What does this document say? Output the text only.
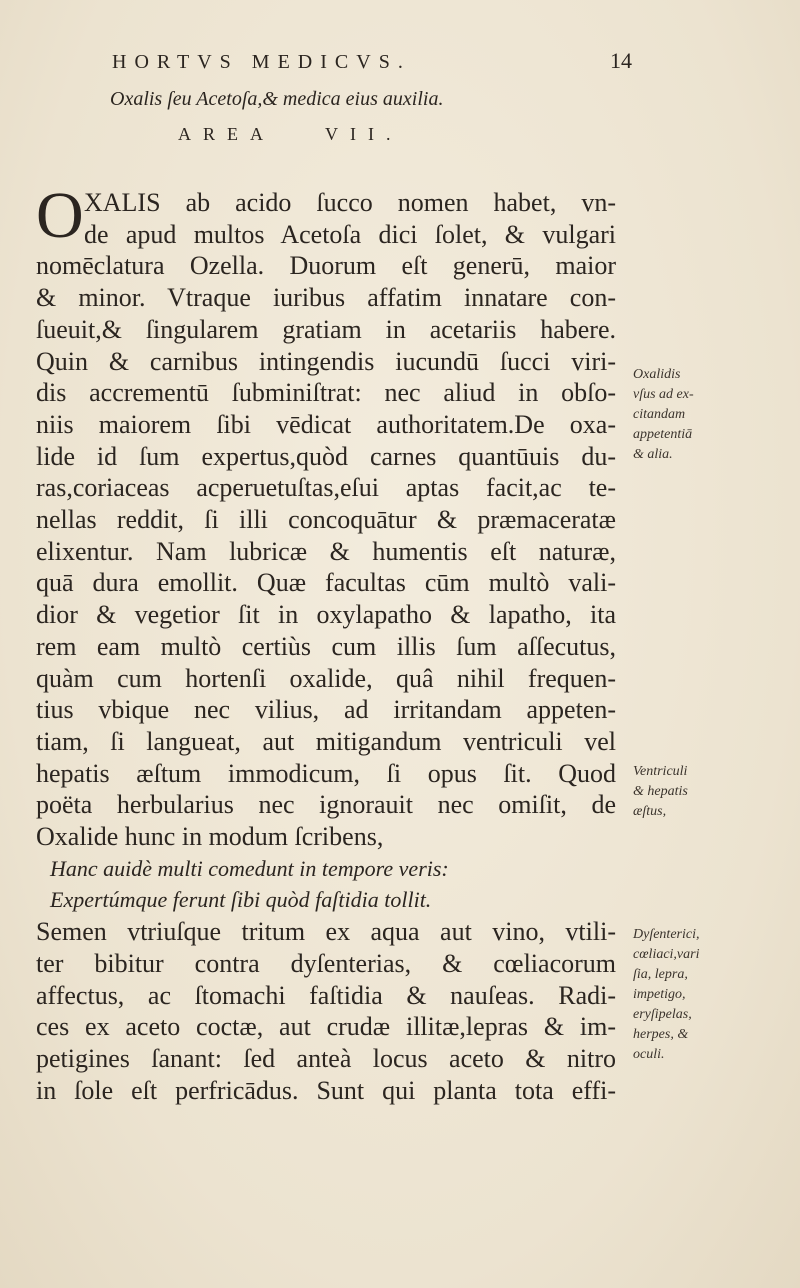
HORTVS MEDICVS.	14
Oxalis ſeu Acetoſa,& medica eius auxilia.
AREA	VII.
O XALIS ab acido ſucco nomen habet, vn-
de apud multos Acetoſa dici ſolet, & vulgari
nomēclatura Ozella. Duorum eſt generū, maior
& minor. Vtraque iuribus affatim innatare con-
ſueuit,& ſingularem gratiam in acetariis habere.
Quin & carnibus intingendis iucundū ſucci viri-
dis accrementū ſubminiſtrat: nec aliud in obſo-
niis maiorem ſibi vēdicat authoritatem.De oxa-
lide id ſum expertus,quòd carnes quantūuis du-
ras,coriaceas acperuetuſtas,eſui aptas facit,ac te-
nellas reddit, ſi illi concoquātur & præmaceratæ
elixentur. Nam lubricæ & humentis eſt naturæ,
quā dura emollit. Quæ facultas cūm multò vali-
dior & vegetior ſit in oxylapatho & lapatho, ita
rem eam multò certiùs cum illis ſum aſſecutus,
quàm cum hortenſi oxalide, quâ nihil frequen-
tius vbique nec vilius, ad irritandam appeten-
tiam, ſi langueat, aut mitigandum ventriculi vel
hepatis æſtum immodicum, ſi opus ſit. Quod
poëta herbularius nec ignorauit nec omiſit, de
Oxalide hunc in modum ſcribens,
Hanc auidè multi comedunt in tempore veris:
Expertúmque ferunt ſibi quòd faſtidia tollit.
Semen vtriuſque tritum ex aqua aut vino, vtili-
ter bibitur contra dyſenterias, & cœliacorum
affectus, ac ſtomachi faſtidia & nauſeas. Radi-
ces ex aceto coctæ, aut crudæ illitæ,lepras & im-
petigines ſanant: ſed anteà locus aceto & nitro
in ſole eſt perfricādus. Sunt qui planta tota effi-
Oxalidis
vſus ad ex-
citandam
appetentiā
& alia.
Ventriculi
& hepatis
æſtus,
Dyſenterici,
cœliaci,vari
ſia, lepra,
impetigo,
eryſipelas,
herpes, &
oculi.
